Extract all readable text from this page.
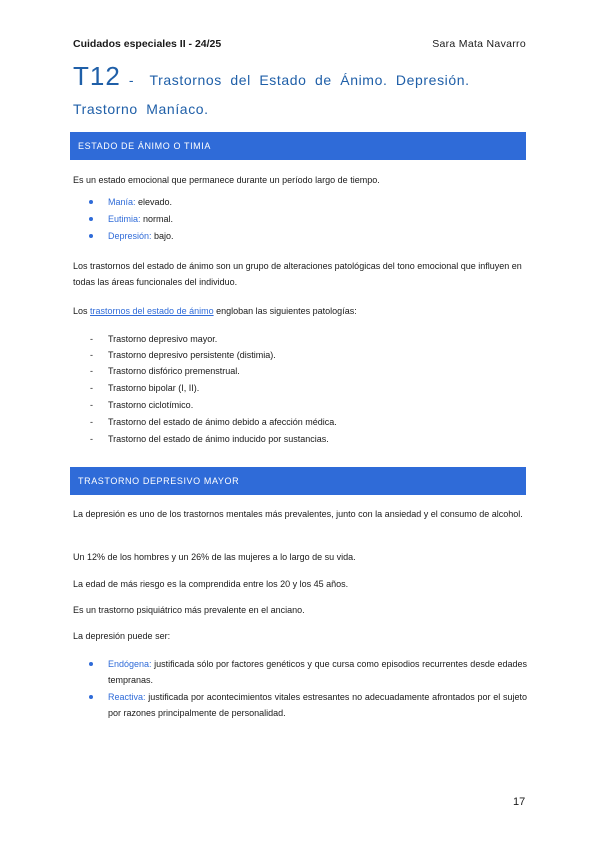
Cuidados especiales II - 24/25	Sara Mata Navarro
T12 - Trastornos del Estado de Ánimo. Depresión. Trastorno Maníaco.
ESTADO DE ÁNIMO O TIMIA
Es un estado emocional que permanece durante un período largo de tiempo.
Manía: elevado.
Eutimia: normal.
Depresión: bajo.
Los trastornos del estado de ánimo son un grupo de alteraciones patológicas del tono emocional que influyen en todas las áreas funcionales del individuo.
Los trastornos del estado de ánimo engloban las siguientes patologías:
-	Trastorno depresivo mayor.
-	Trastorno depresivo persistente (distimia).
-	Trastorno disfórico premenstrual.
-	Trastorno bipolar (I, II).
-	Trastorno ciclotímico.
-	Trastorno del estado de ánimo debido a afección médica.
-	Trastorno del estado de ánimo inducido por sustancias.
TRASTORNO DEPRESIVO MAYOR
La depresión es uno de los trastornos mentales más prevalentes, junto con la ansiedad y el consumo de alcohol.
Un 12% de los hombres y un 26% de las mujeres a lo largo de su vida.
La edad de más riesgo es la comprendida entre los 20 y los 45 años.
Es un trastorno psiquiátrico más prevalente en el anciano.
La depresión puede ser:
Endógena: justificada sólo por factores genéticos y que cursa como episodios recurrentes desde edades tempranas.
Reactiva: justificada por acontecimientos vitales estresantes no adecuadamente afrontados por el sujeto por razones principalmente de personalidad.
17
